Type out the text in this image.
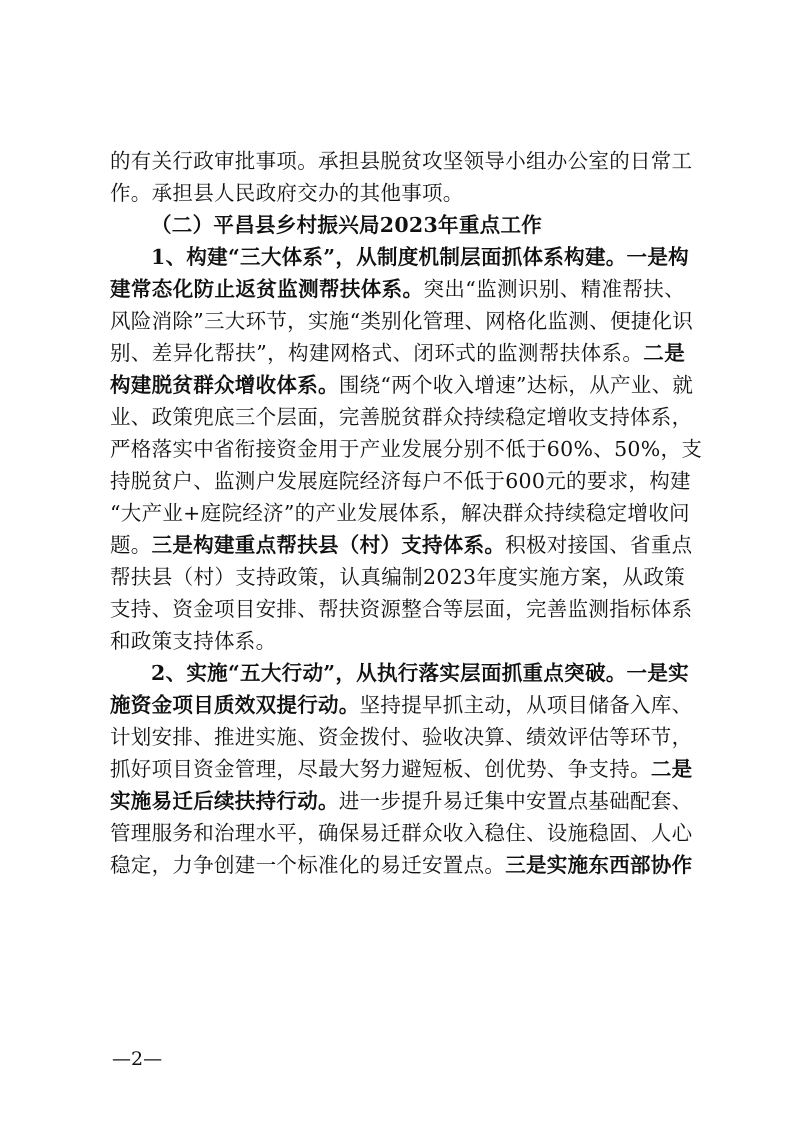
的有关行政审批事项。承担县脱贫攻坚领导小组办公室的日常工
作。承担县人民政府交办的其他事项。
（二）平昌县乡村振兴局2023年重点工作
1、构建“三大体系”，从制度机制层面抓体系构建。一是构
建常态化防止返贫监测帮扶体系。突出“监测识别、精准帮扶、
风险消除”三大环节，实施“类别化管理、网格化监测、便捷化识
别、差异化帮扶”，构建网格式、闭环式的监测帮扶体系。二是
构建脱贫群众增收体系。围绕“两个收入增速”达标，从产业、就
业、政策兜底三个层面，完善脱贫群众持续稳定增收支持体系，
严格落实中省衔接资金用于产业发展分别不低于60%、50%，支
持脱贫户、监测户发展庭院经济每户不低于600元的要求，构建
“大产业+庭院经济”的产业发展体系，解决群众持续稳定增收问
题。三是构建重点帮扶县（村）支持体系。积极对接国、省重点
帮扶县（村）支持政策，认真编制2023年度实施方案，从政策
支持、资金项目安排、帮扶资源整合等层面，完善监测指标体系
和政策支持体系。
2、实施“五大行动”，从执行落实层面抓重点突破。一是实
施资金项目质效双提行动。坚持提早抓主动，从项目储备入库、
计划安排、推进实施、资金拨付、验收决算、绩效评估等环节，
抓好项目资金管理，尽最大努力避短板、创优势、争支持。二是
实施易迁后续扶持行动。进一步提升易迁集中安置点基础配套、
管理服务和治理水平，确保易迁群众收入稳住、设施稳固、人心
稳定，力争创建一个标准化的易迁安置点。三是实施东西部协作
—2—
